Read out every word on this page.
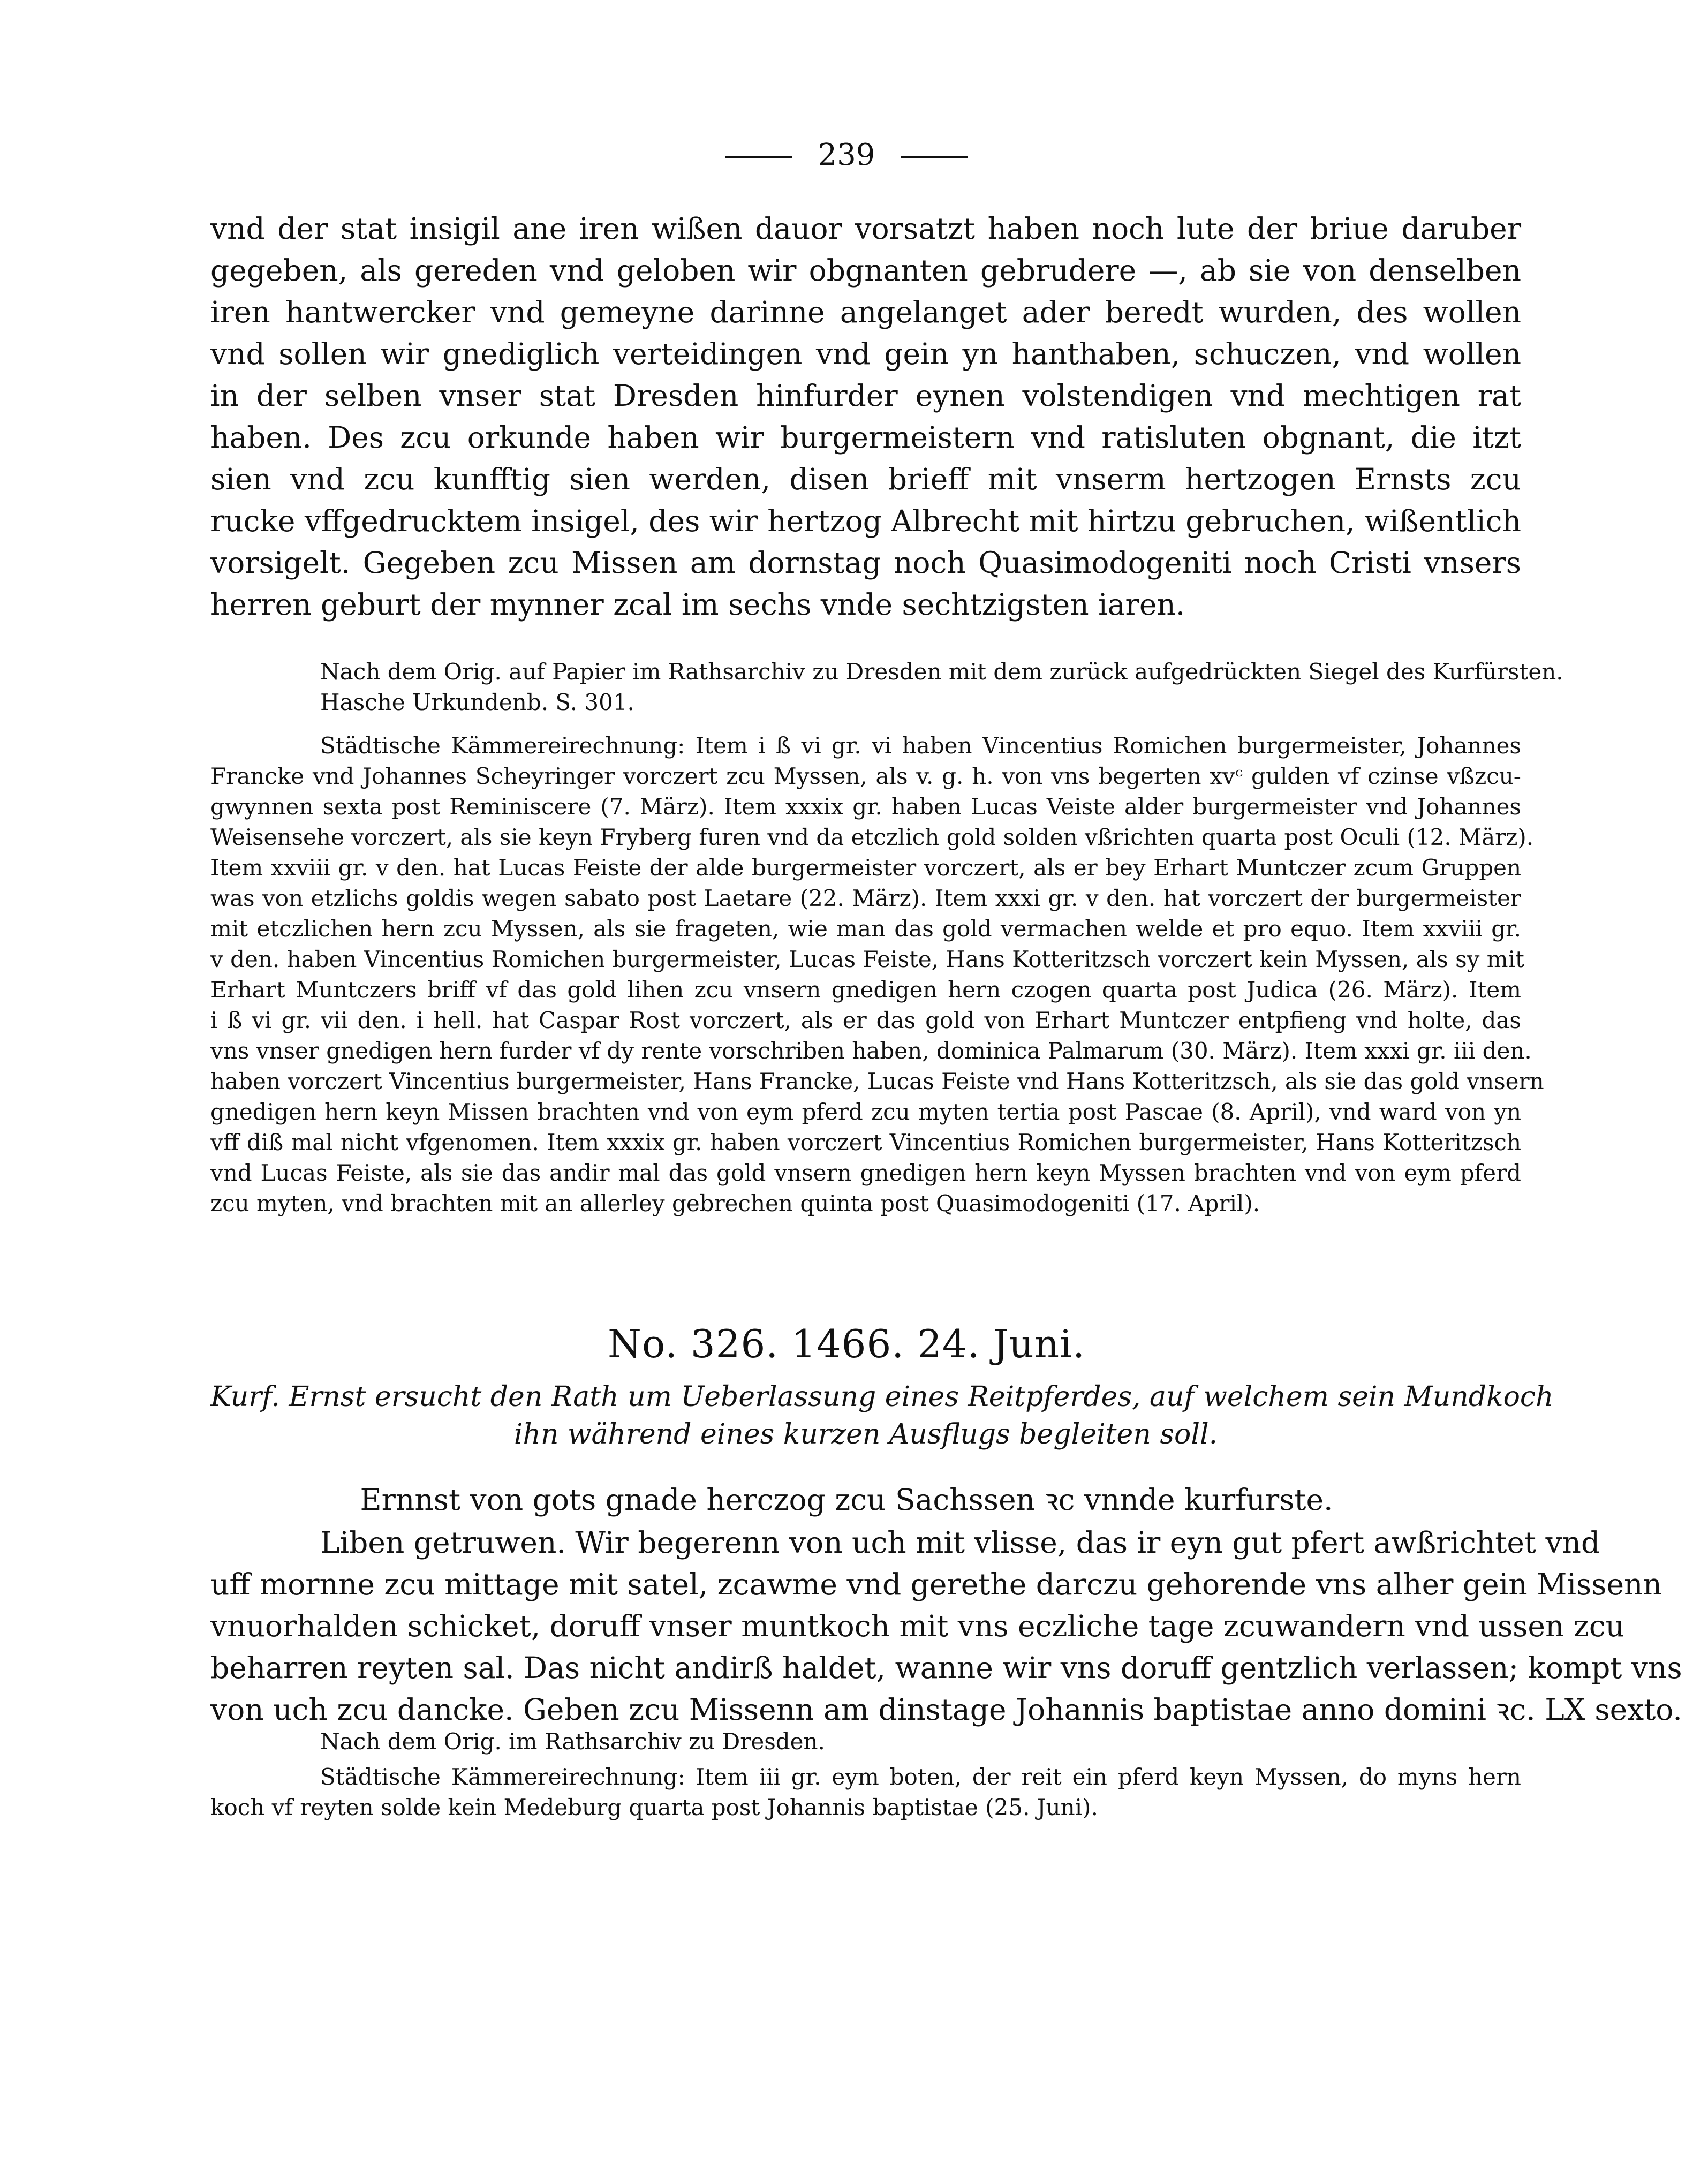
239
vnd der stat insigil ane iren wißen dauor vorsatzt haben noch lute der briue daruber
gegeben, als gereden vnd geloben wir obgnanten gebrudere —, ab sie von denselben
iren hantwercker vnd gemeyne darinne angelanget ader beredt wurden, des wollen
vnd sollen wir gnediglich verteidingen vnd gein yn hanthaben, schuczen, vnd wollen
in der selben vnser stat Dresden hinfurder eynen volstendigen vnd mechtigen rat
haben. Des zcu orkunde haben wir burgermeistern vnd ratisluten obgnant, die itzt
sien vnd zcu kunfftig sien werden, disen brieff mit vnserm hertzogen Ernsts zcu
rucke vffgedrucktem insigel, des wir hertzog Albrecht mit hirtzu gebruchen, wißentlich
vorsigelt. Gegeben zcu Missen am dornstag noch Quasimodogeniti noch Cristi vnsers
herren geburt der mynner zcal im sechs vnde sechtzigsten iaren.
Nach dem Orig. auf Papier im Rathsarchiv zu Dresden mit dem zurück aufgedrückten Siegel des Kurfürsten.
Hasche Urkundenb. S. 301.
Städtische Kämmereirechnung: Item i ß vi gr. vi haben Vincentius Romichen burgermeister, Johannes
Francke vnd Johannes Scheyringer vorczert zcu Myssen, als v. g. h. von vns begerten xvᶜ gulden vf czinse vßzcu-
gwynnen sexta post Reminiscere (7. März). Item xxxix gr. haben Lucas Veiste alder burgermeister vnd Johannes
Weisensehe vorczert, als sie keyn Fryberg furen vnd da etczlich gold solden vßrichten quarta post Oculi (12. März).
Item xxviii gr. v den. hat Lucas Feiste der alde burgermeister vorczert, als er bey Erhart Muntczer zcum Gruppen
was von etzlichs goldis wegen sabato post Laetare (22. März). Item xxxi gr. v den. hat vorczert der burgermeister
mit etczlichen hern zcu Myssen, als sie frageten, wie man das gold vermachen welde et pro equo. Item xxviii gr.
v den. haben Vincentius Romichen burgermeister, Lucas Feiste, Hans Kotteritzsch vorczert kein Myssen, als sy mit
Erhart Muntczers briff vf das gold lihen zcu vnsern gnedigen hern czogen quarta post Judica (26. März). Item
i ß vi gr. vii den. i hell. hat Caspar Rost vorczert, als er das gold von Erhart Muntczer entpfieng vnd holte, das
vns vnser gnedigen hern furder vf dy rente vorschriben haben, dominica Palmarum (30. März). Item xxxi gr. iii den.
haben vorczert Vincentius burgermeister, Hans Francke, Lucas Feiste vnd Hans Kotteritzsch, als sie das gold vnsern
gnedigen hern keyn Missen brachten vnd von eym pferd zcu myten tertia post Pascae (8. April), vnd ward von yn
vff diß mal nicht vfgenomen. Item xxxix gr. haben vorczert Vincentius Romichen burgermeister, Hans Kotteritzsch
vnd Lucas Feiste, als sie das andir mal das gold vnsern gnedigen hern keyn Myssen brachten vnd von eym pferd
zcu myten, vnd brachten mit an allerley gebrechen quinta post Quasimodogeniti (17. April).
No. 326. 1466. 24. Juni.
Kurf. Ernst ersucht den Rath um Ueberlassung eines Reitpferdes, auf welchem sein Mundkoch
ihn während eines kurzen Ausflugs begleiten soll.
Ernnst von gots gnade herczog zcu Sachssen ꝛc vnnde kurfurste.
Liben getruwen. Wir begerenn von uch mit vlisse, das ir eyn gut pfert awßrichtet vnd
uff mornne zcu mittage mit satel, zcawme vnd gerethe darczu gehorende vns alher gein Missenn
vnuorhalden schicket, doruff vnser muntkoch mit vns eczliche tage zcuwandern vnd ussen zcu
beharren reyten sal. Das nicht andirß haldet, wanne wir vns doruff gentzlich verlassen; kompt vns
von uch zcu dancke. Geben zcu Missenn am dinstage Johannis baptistae anno domini ꝛc. LX sexto.
Nach dem Orig. im Rathsarchiv zu Dresden.
Städtische Kämmereirechnung: Item iii gr. eym boten, der reit ein pferd keyn Myssen, do myns hern
koch vf reyten solde kein Medeburg quarta post Johannis baptistae (25. Juni).
